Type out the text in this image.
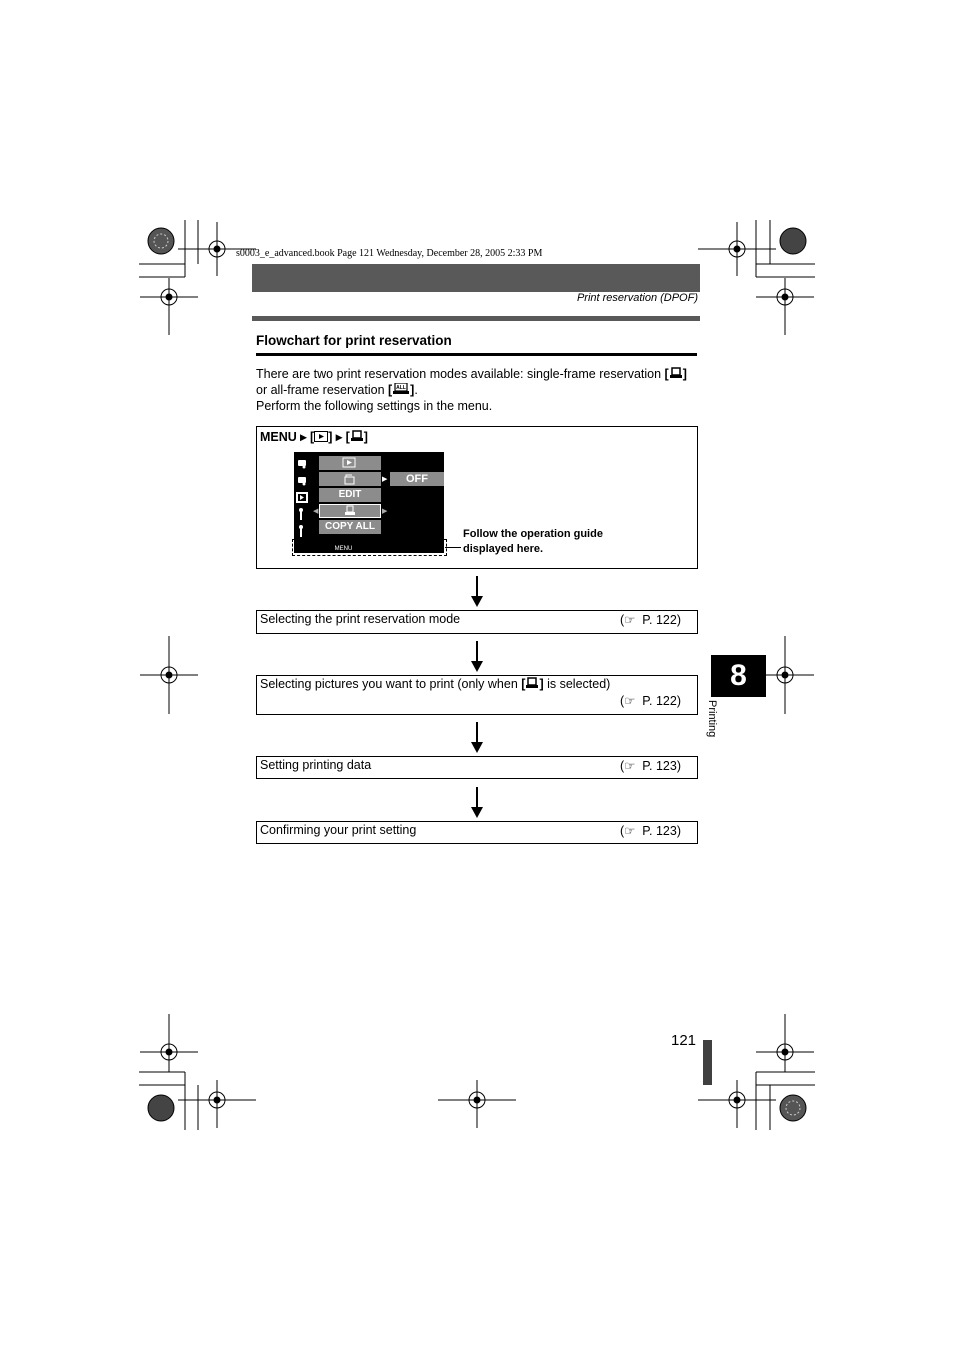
s0003_e_advanced.book Page 121 Wednesday, December 28, 2005 2:33 PM
Print reservation (DPOF)
Flowchart for print reservation
There are two print reservation modes available: single-frame reservation [ ]
or all-frame reservation [ ALL ].
Perform the following settings in the menu.
MENU ▸ [ ] ▸ [ ]
EDIT
COPY ALL
◀	▶
▶	OFF
CANCEL◆MENU SELECT◆◫ GO◆ OK
Follow the operation guide
displayed here.
Selecting the print reservation mode	(☞ P. 122)
Selecting pictures you want to print (only when [ ] is selected)
(☞ P. 122)
Setting printing data	(☞ P. 123)
Confirming your print setting	(☞ P. 123)
8
Printing
121
